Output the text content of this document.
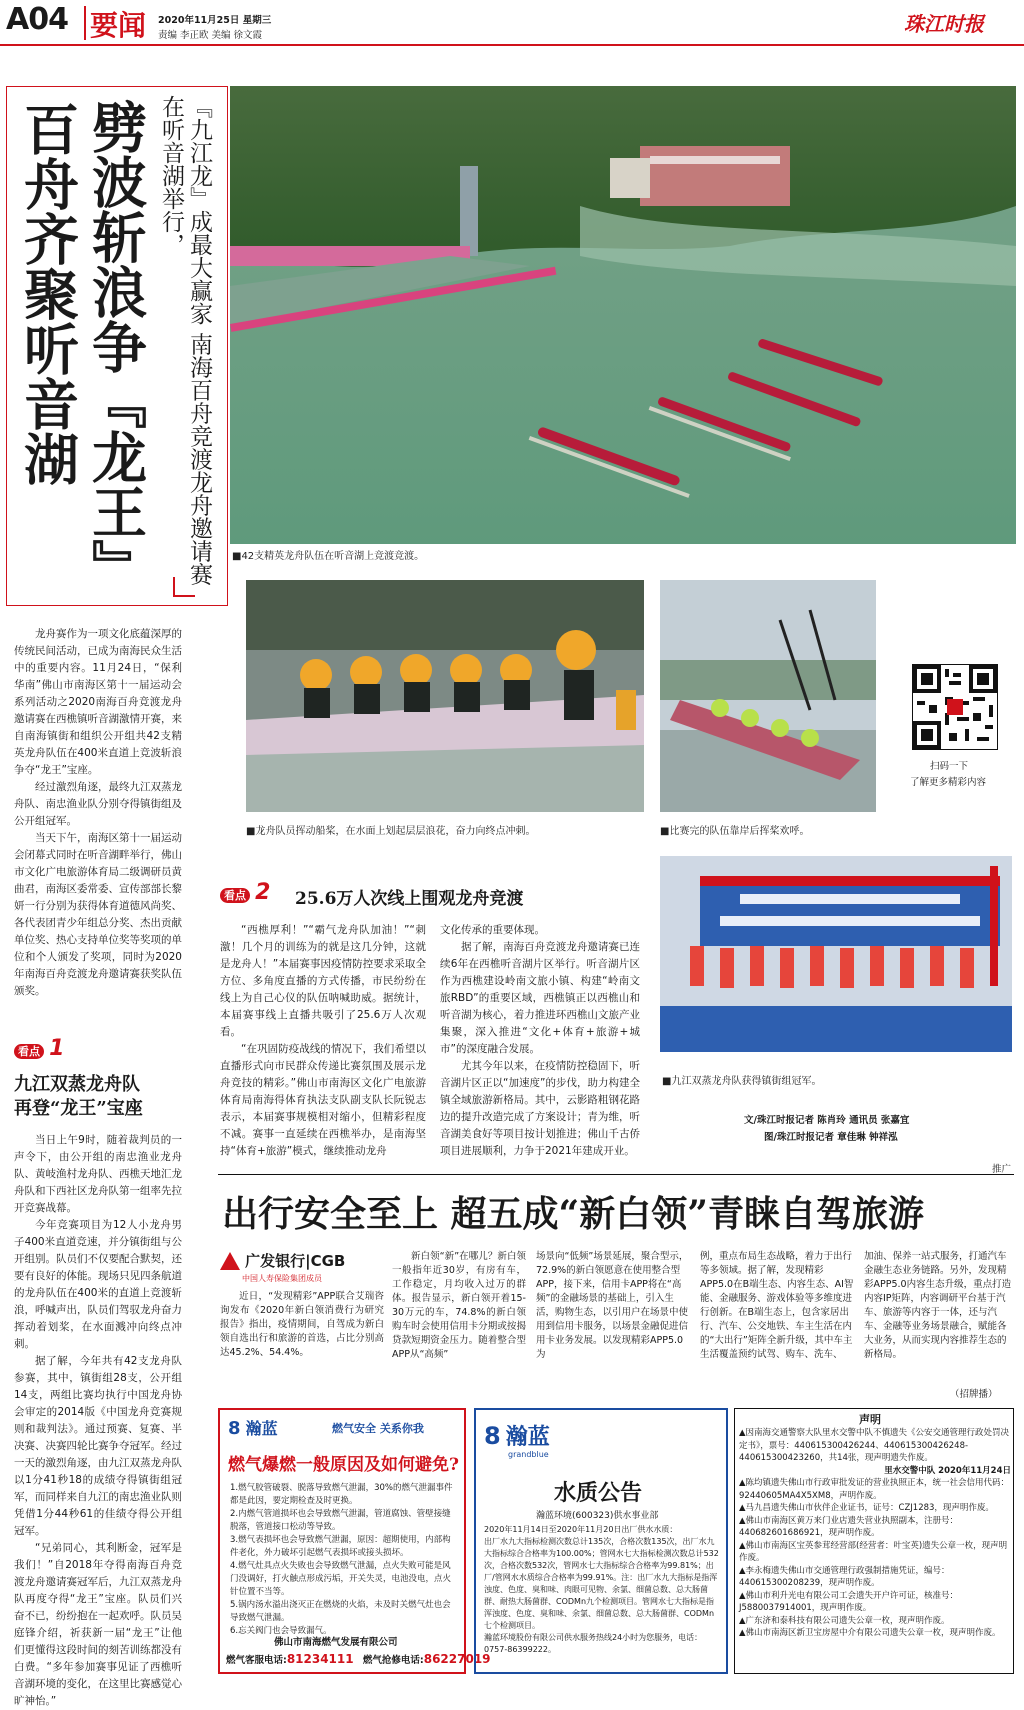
A04 要闻 2020年11月25日 星期三
责编 李正欧 美编 徐文霞	珠江时报
『九江龙』成最大赢家 南海百舟竞渡龙舟邀请赛在听音湖举行，
劈波斩浪争『龙王』
百舟齐聚听音湖
■42支精英龙舟队伍在听音湖上竞渡竞渡。
■龙舟队员挥动船桨，在水面上划起层层浪花，奋力向终点冲刺。	■比赛完的队伍靠岸后挥桨欢呼。
扫码一下
了解更多精彩内容

龙舟赛作为一项文化底蕴深厚的传统民间活动，已成为南海民众生活中的重要内容。11月24日，“保利华南”佛山市南海区第十一届运动会系列活动之2020南海百舟竞渡龙舟邀请赛在西樵镇听音湖激情开赛，来自南海镇街和组织公开组共42支精英龙舟队伍在400米直道上竞波斩浪争夺“龙王”宝座。

经过激烈角逐，最终九江双蒸龙舟队、南忠渔业队分别夺得镇街组及公开组冠军。

当天下午，南海区第十一届运动会闭幕式同时在听音湖畔举行，佛山市文化广电旅游体育局二级调研员黄曲君，南海区委常委、宣传部部长黎妍一行分别为获得体育道德风尚奖、各代表团青少年组总分奖、杰出贡献单位奖、热心支持单位奖等奖项的单位和个人颁发了奖项，同时为2020年南海百舟竞渡龙舟邀请赛获奖队伍颁奖。

看点 1
九江双蒸龙舟队
再登“龙王”宝座

当日上午9时，随着裁判员的一声令下，由公开组的南忠渔业龙舟队、黄岐渔村龙舟队、西樵天地汇龙舟队和下西社区龙舟队第一组率先拉开竞赛战幕。

今年竞赛项目为12人小龙舟男子400米直道竞速，并分镇街组与公开组别。队员们不仅要配合默契，还要有良好的体能。现场只见四条航道的龙舟队伍在400米的直道上竞渡斩浪，呼喊声出，队员们驾驭龙舟奋力挥动着划桨，在水面溅冲向终点冲刺。

据了解，今年共有42支龙舟队参赛，其中，镇街组28支，公开组14支，两组比赛均执行中国龙舟协会审定的2014版《中国龙舟竞赛规则和裁判法》。通过预赛、复赛、半决赛、决赛四轮比赛争夺冠军。经过一天的激烈角逐，由九江双蒸龙舟队以1分41秒18的成绩夺得镇街组冠军，而同样来自九江的南忠渔业队则凭借1分44秒61的佳绩夺得公开组冠军。

“兄弟同心，其利断金，冠军是我们！”自2018年夺得南海百舟竞渡龙舟邀请赛冠军后，九江双蒸龙舟队再度夺得“龙王”宝座。队员们兴奋不已，纷纷抱在一起欢呼。队员吴庭锋介绍，祈获新一届“龙王”让他们更懂得这段时间的刻苦训练都没有白费。“多年参加赛事见证了西樵听音湖环境的变化，在这里比赛感觉心旷神怡。”

看点 2 25.6万人次线上围观龙舟竞渡

“西樵厚利！”“霸气龙舟队加油！”“刺激！几个月的训练为的就是这几分钟，这就是龙舟人！”本届赛事因疫情防控要求采取全方位、多角度直播的方式传播，市民纷纷在线上为自己心仪的队伍呐喊助威。据统计，本届赛事线上直播共吸引了25.6万人次观看。

“在巩固防疫战线的情况下，我们希望以直播形式向市民群众传递比赛氛围及展示龙舟竞技的精彩。”佛山市南海区文化广电旅游体育局南海得体育执法支队副支队长阮锐志表示，本届赛事规模相对缩小，但精彩程度不减。赛事一直延续在西樵举办，是南海坚持“体育+旅游”模式，继续推动龙舟

文化传承的重要体现。

据了解，南海百舟竞渡龙舟邀请赛已连续6年在西樵听音湖片区举行。听音湖片区作为西樵建设岭南文旅小镇、构建“岭南文旅RBD”的重要区域，西樵镇正以西樵山和听音湖为核心，着力推进环西樵山文旅产业集聚，深入推进“文化+体育+旅游+城市”的深度融合发展。

尤其今年以来，在疫情防控稳固下，听音湖片区正以“加速度”的步伐，助力构建全镇全域旅游新格局。其中，云影路粗钢花路边的提升改造完成了方案设计；青为维，听音湖美食好等项目按计划推进；佛山千古侨项目进展顺利，力争于2021年建成开业。

■九江双蒸龙舟队获得镇街组冠军。
文/珠江时报记者 陈肖玲 通讯员 张嘉宜
图/珠江时报记者 章佳琳 钟祥泓
推广
出行安全至上 超五成“新白领”青睐自驾旅游
广发银行|CGB
中国人寿保险集团成员

近日，“发现精彩”APP联合艾瑞咨询发布《2020年新白领消费行为研究报告》指出，疫情期间，自驾成为新白领自选出行和旅游的首选，占比分别高达45.2%、54.4%。

新白领“新”在哪儿？新白领一般指年近30岁，有房有车，工作稳定，月均收入过万的群体。报告显示，新白领开着15-30万元的车，74.8%的新白领购车时会使用信用卡分期或按揭贷款短期资金压力。随着整合型APP从“高频”

场景向“低频”场景延展，聚合型示，72.9%的新白领愿意在使用整合型APP，接下来，信用卡APP将在“高频”的金融场景的基础上，引入生活，购物生态，以引用户在场景中使用到信用卡服务，以场景金融促进信用卡业务发展。以发现精彩APP5.0为

例，重点布局生态战略，着力于出行等多领域。据了解，发现精彩APP5.0在B端生态、内容生态、AI智能、金融服务、游戏体验等多维度进行创新。在B端生态上，包含家居出行、汽车、公交地铁、车主生活在内的“大出行”矩阵全新升级，其中车主生活覆盖预约试驾、购车、洗车、

加油、保养一站式服务，打通汽车金融生态业务链路。另外，发现精彩APP5.0内容生态升级，重点打造内容IP矩阵，内容调研平台基于汽车、旅游等内容于一体，还与汽车、金融等业务场景融合，赋能各大业务，从而实现内容推荐生态的新格局。

（招牌播）
8 瀚蓝	燃气安全 关系你我
燃气爆燃一般原因及如何避免?

1.燃气胶管破裂、脱落导致燃气泄漏，30%的燃气泄漏事件都是此因，要定期检查及时更换。

2.内燃气管道损坏也会导致燃气泄漏，管道腐蚀、管壁接缝脱落，管道接口松动等导致。

3.燃气表损坏也会导致燃气泄漏，原因：超期使用，内部构件老化，外力破坏引起燃气表损坏或接头损坏。

4.燃气灶具点火失败也会导致燃气泄漏，点火失败可能是风门没调好，打火触点形成污垢，开关失灵，电池没电，点火针位置不当等。

5.锅内汤水溢出浇灭正在燃烧的火焰，未及时关燃气灶也会导致燃气泄漏。

6.忘关阀门也会导致漏气。

佛山市南海燃气发展有限公司
燃气客服电话:81234111 燃气抢修电话:86227019
8 瀚蓝
grandblue
水质公告
瀚蓝环境(600323)供水事业部

2020年11月14日至2020年11月20日出厂供水水质：

出厂水九大指标检测次数总计135次，合格次数135次，出厂水九大指标综合合格率为100.00%；管网水七大指标检测次数总计532次，合格次数532次，管网水七大指标综合合格率为99.81%；出厂/管网水水质综合合格率为99.91%。注：出厂水九大指标是指浑浊度、色度、臭和味、肉眼可见物、余氯、细菌总数、总大肠菌群、耐热大肠菌群、CODMn九个检测项目。管网水七大指标是指浑浊度、色度、臭和味、余氯、细菌总数、总大肠菌群、CODMn七个检测项目。

瀚蓝环境股份有限公司供水服务热线24小时为您服务，电话：0757-86399222。

声明

▲因南海交通警察大队里水交警中队不慎遗失《公安交通管理行政处罚决定书》，票号：440615300426244、440615300426248-440615300423260，共14张，现声明遗失作废。

里水交警中队 2020年11月24日

▲陈均镇遗失佛山市行政审批发证的营业执照正本，统一社会信用代码：92440605MA4X5XM8，声明作废。

▲马九昌遗失佛山市伙伴企业证书，证号：CZJ1283，现声明作废。

▲佛山市南海区黄万来门业店遗失营业执照副本，注册号：440682601686921，现声明作废。

▲佛山市南海区宝英参茸经营部(经营者：叶宝英)遗失公章一枚，现声明作废。

▲李永梅遗失佛山市交通管理行政强制措施凭证，编号：440615300208239，现声明作废。

▲佛山市利升光电有限公司工会遗失开户许可证，核准号：J5880037914001，现声明作废。

▲广东济和泰科技有限公司遗失公章一枚，现声明作废。

▲佛山市南海区新卫宝房屋中介有限公司遗失公章一枚，现声明作废。
